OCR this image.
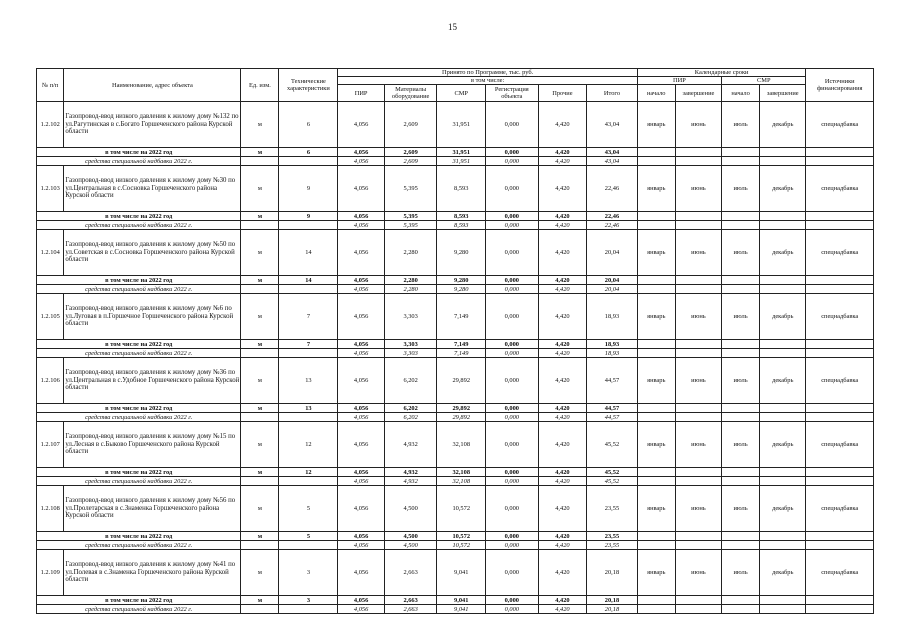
15
№ п/п	Наименование, адрес объекта	Ед. изм.	Технические характеристики	Принято по Программе, тыс. руб.						Календарные сроки				Источники финансирования
				в том числе:						ПИР		СМР		
				ПИР	Материалы оборудование	СМР	Регистрация объекта	Прочие	Итого	начало	завершение	начало	завершение	
1.2.102	Газопровод-ввод низкого давления к жилому дому №132 по ул.Рагутинская в с.Богато Горшеченского района Курской области	м	6	4,056	2,609	31,951	0,000	4,420	43,04	январь	июнь	июль	декабрь	спецнадбавка
в том числе на 2022 год		м	6	4,056	2,609	31,951	0,000	4,420	43,04					
средства специальной надбавки 2022 г.				4,056	2,609	31,951	0,000	4,420	43,04					
1.2.103	Газопровод-ввод низкого давления к жилому дому №30 по ул.Центральная в с.Сосновка Горшеченского района Курской области	м	9	4,056	5,395	8,593	0,000	4,420	22,46	январь	июнь	июль	декабрь	спецнадбавка
в том числе на 2022 год		м	9	4,056	5,395	8,593	0,000	4,420	22,46					
средства специальной надбавки 2022 г.				4,056	5,395	8,593	0,000	4,420	22,46					
1.2.104	Газопровод-ввод низкого давления к жилому дому №50 по ул.Советская в с.Сосновка Горшеченского района Курской области	м	14	4,056	2,280	9,280	0,000	4,420	20,04	январь	июнь	июль	декабрь	спецнадбавка
в том числе на 2022 год		м	14	4,056	2,280	9,280	0,000	4,420	20,04					
средства специальной надбавки 2022 г.				4,056	2,280	9,280	0,000	4,420	20,04					
1.2.105	Газопровод-ввод низкого давления к жилому дому №6 по ул.Луговая в п.Горшечное Горшеченского района Курской области	м	7	4,056	3,303	7,149	0,000	4,420	18,93	январь	июнь	июль	декабрь	спецнадбавка
в том числе на 2022 год		м	7	4,056	3,303	7,149	0,000	4,420	18,93					
средства специальной надбавки 2022 г.				4,056	3,303	7,149	0,000	4,420	18,93					
1.2.106	Газопровод-ввод низкого давления к жилому дому №36 по ул.Центральная в с.Удобное Горшеченского района Курской области	м	13	4,056	6,202	29,892	0,000	4,420	44,57	январь	июнь	июль	декабрь	спецнадбавка
в том числе на 2022 год		м	13	4,056	6,202	29,892	0,000	4,420	44,57					
средства специальной надбавки 2022 г.				4,056	6,202	29,892	0,000	4,420	44,57					
1.2.107	Газопровод-ввод низкого давления к жилому дому №15 по ул.Лесная в с.Быково Горшеченского района Курской области	м	12	4,056	4,932	32,108	0,000	4,420	45,52	январь	июнь	июль	декабрь	спецнадбавка
в том числе на 2022 год		м	12	4,056	4,932	32,108	0,000	4,420	45,52					
средства специальной надбавки 2022 г.				4,056	4,932	32,108	0,000	4,420	45,52					
1.2.108	Газопровод-ввод низкого давления к жилому дому №56 по ул.Пролетарская в с.Знаменка Горшеченского района Курской области	м	5	4,056	4,500	10,572	0,000	4,420	23,55	январь	июнь	июль	декабрь	спецнадбавка
в том числе на 2022 год		м	5	4,056	4,500	10,572	0,000	4,420	23,55					
средства специальной надбавки 2022 г.				4,056	4,500	10,572	0,000	4,420	23,55					
1.2.109	Газопровод-ввод низкого давления к жилому дому №41 по ул.Полевая в с.Знаменка Горшеченского района Курской области	м	3	4,056	2,663	9,041	0,000	4,420	20,18	январь	июнь	июль	декабрь	спецнадбавка
в том числе на 2022 год		м	3	4,056	2,663	9,041	0,000	4,420	20,18					
средства специальной надбавки 2022 г.				4,056	2,663	9,041	0,000	4,420	20,18					
